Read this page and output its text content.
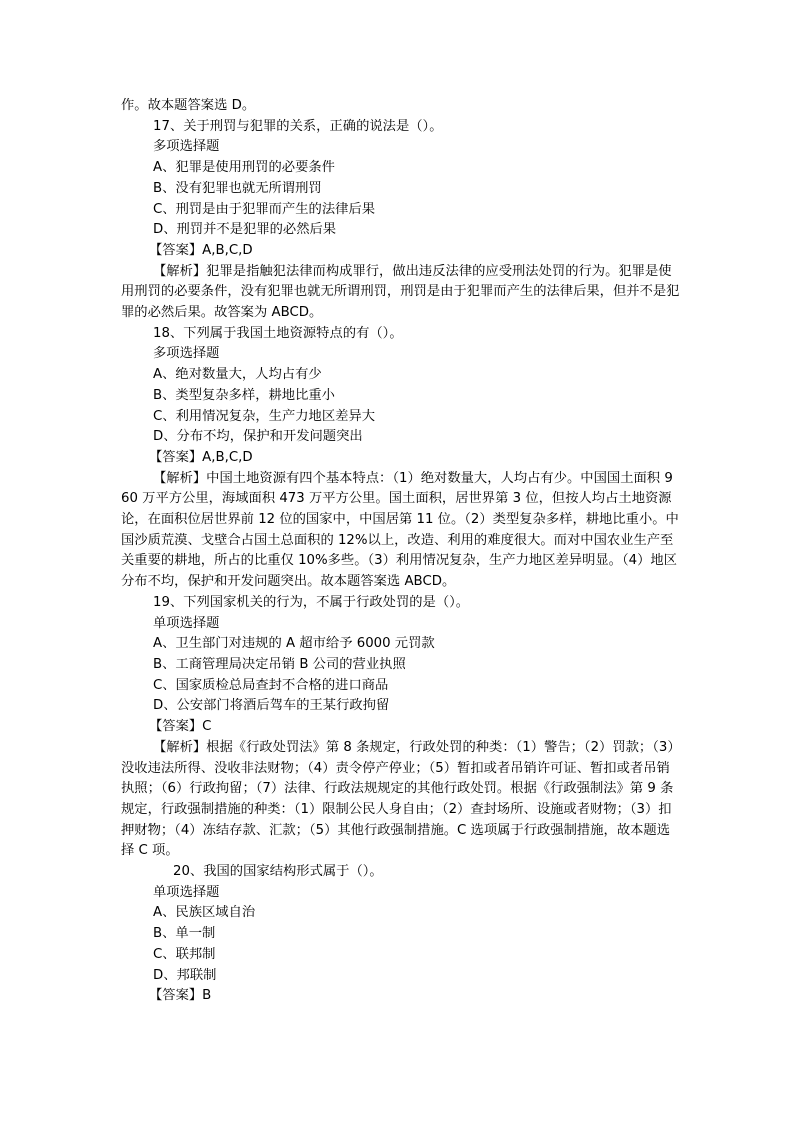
作。故本题答案选 D。

17、关于刑罚与犯罪的关系，正确的说法是（）。

多项选择题

A、犯罪是使用刑罚的必要条件

B、没有犯罪也就无所谓刑罚

C、刑罚是由于犯罪而产生的法律后果

D、刑罚并不是犯罪的必然后果

【答案】A,B,C,D

【解析】犯罪是指触犯法律而构成罪行，做出违反法律的应受刑法处罚的行为。犯罪是使用刑罚的必要条件，没有犯罪也就无所谓刑罚，刑罚是由于犯罪而产生的法律后果，但并不是犯罪的必然后果。故答案为 ABCD。

18、下列属于我国土地资源特点的有（）。

多项选择题

A、绝对数量大，人均占有少

B、类型复杂多样，耕地比重小

C、利用情况复杂，生产力地区差异大

D、分布不均，保护和开发问题突出

【答案】A,B,C,D

【解析】中国土地资源有四个基本特点：（1）绝对数量大，人均占有少。中国国土面积 960 万平方公里，海域面积 473 万平方公里。国土面积，居世界第 3 位，但按人均占土地资源论，在面积位居世界前 12 位的国家中，中国居第 11 位。（2）类型复杂多样，耕地比重小。中国沙质荒漠、戈壁合占国土总面积的 12%以上，改造、利用的难度很大。而对中国农业生产至关重要的耕地，所占的比重仅 10%多些。（3）利用情况复杂，生产力地区差异明显。（4）地区分布不均，保护和开发问题突出。故本题答案选 ABCD。

19、下列国家机关的行为，不属于行政处罚的是（）。

单项选择题

A、卫生部门对违规的 A 超市给予 6000 元罚款

B、工商管理局决定吊销 B 公司的营业执照

C、国家质检总局查封不合格的进口商品

D、公安部门将酒后驾车的王某行政拘留

【答案】C

【解析】根据《行政处罚法》第 8 条规定，行政处罚的种类：（1）警告；（2）罚款；（3）没收违法所得、没收非法财物；（4）责令停产停业；（5）暂扣或者吊销许可证、暂扣或者吊销执照；（6）行政拘留；（7）法律、行政法规规定的其他行政处罚。根据《行政强制法》第 9 条规定，行政强制措施的种类：（1）限制公民人身自由；（2）查封场所、设施或者财物；（3）扣押财物；（4）冻结存款、汇款；（5）其他行政强制措施。C 选项属于行政强制措施，故本题选择 C 项。

20、我国的国家结构形式属于（）。

单项选择题

A、民族区域自治

B、单一制

C、联邦制

D、邦联制

【答案】B
